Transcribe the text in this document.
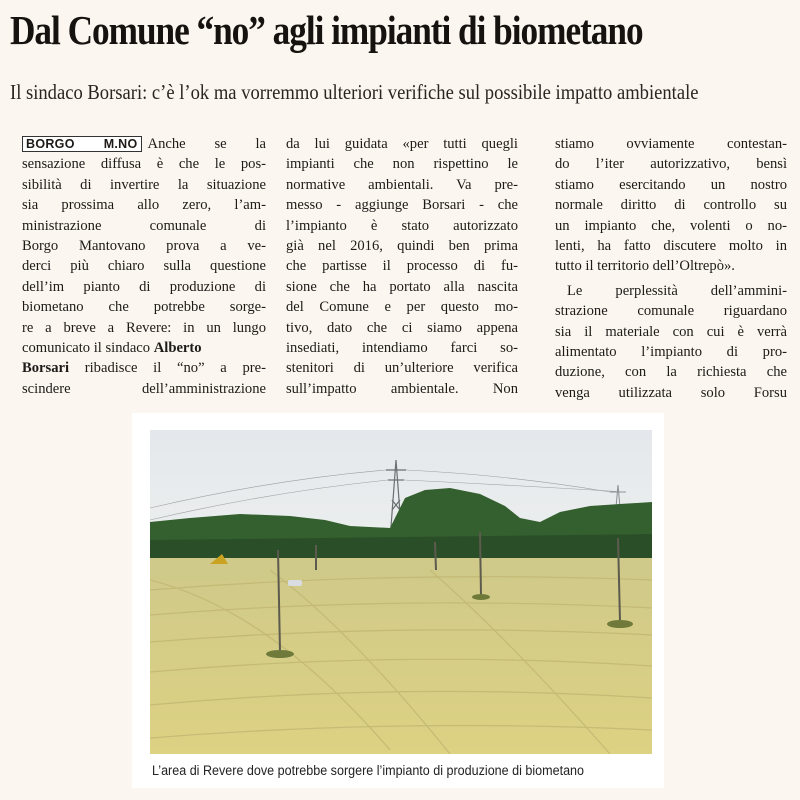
Dal Comune “no” agli impianti di biometano
Il sindaco Borsari: c’è l’ok ma vorremmo ulteriori verifiche sul possibile impatto ambientale
BORGO M.NO Anche se la
sensazione diffusa è che le pos-
sibilità di invertire la situazione
sia prossima allo zero, l’am-
ministrazione comunale di
Borgo Mantovano prova a ve-
derci più chiaro sulla questione
dell’im pianto di produzione di
biometano che potrebbe sorge-
re a breve a Revere: in un lungo
comunicato il sindaco Alberto
Borsari ribadisce il “no” a pre-
scindere dell’amministrazione
da lui guidata «per tutti quegli
impianti che non rispettino le
normative ambientali. Va pre-
messo - aggiunge Borsari - che
l’impianto è stato autorizzato
già nel 2016, quindi ben prima
che partisse il processo di fu-
sione che ha portato alla nascita
del Comune e per questo mo-
tivo, dato che ci siamo appena
insediati, intendiamo farci so-
stenitori di un’ulteriore verifica
sull’impatto ambientale. Non
stiamo ovviamente contestan-
do l’iter autorizzativo, bensì
stiamo esercitando un nostro
normale diritto di controllo su
un impianto che, volenti o no-
lenti, ha fatto discutere molto in
tutto il territorio dell’Oltrepò».
Le perplessità dell’ammini-
strazione comunale riguardano
sia il materiale con cui è verrà
alimentato l’impianto di pro-
duzione, con la richiesta che
venga utilizzata solo Forsu
L’area di Revere dove potrebbe sorgere l’impianto di produzione di biometano
